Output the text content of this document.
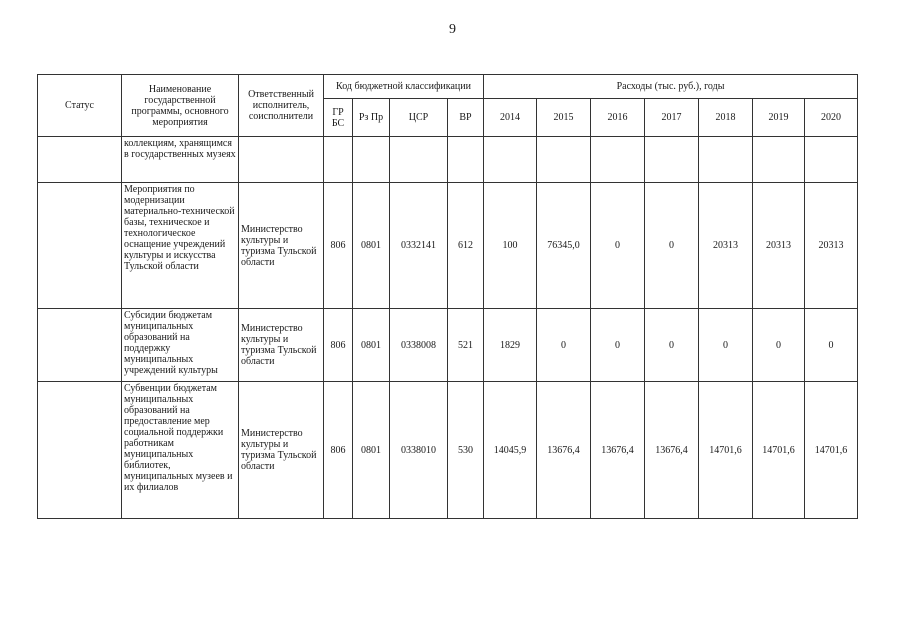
9
Статус	Наименование государственной программы, основного мероприятия	Ответственный исполнитель, соисполнители	Код бюджетной классификации				Расходы (тыс. руб.), годы						
			ГР БС	Рз Пр	ЦСР	ВР	2014	2015	2016	2017	2018	2019	2020
	коллекциям, хранящимся в государственных музеях												
	Мероприятия по модернизации материально-технической базы, техническое и технологическое оснащение учреждений культуры и искусства Тульской области	Министерство культуры и туризма Тульской области	806	0801	0332141	612	100	76345,0	0	0	20313	20313	20313
	Субсидии бюджетам муниципальных образований на поддержку муниципальных учреждений культуры	Министерство культуры и туризма Тульской области	806	0801	0338008	521	1829	0	0	0	0	0	0
	Субвенции бюджетам муниципальных образований на предоставление мер социальной поддержки работникам муниципальных библиотек, муниципальных музеев и их филиалов	Министерство культуры и туризма Тульской области	806	0801	0338010	530	14045,9	13676,4	13676,4	13676,4	14701,6	14701,6	14701,6
